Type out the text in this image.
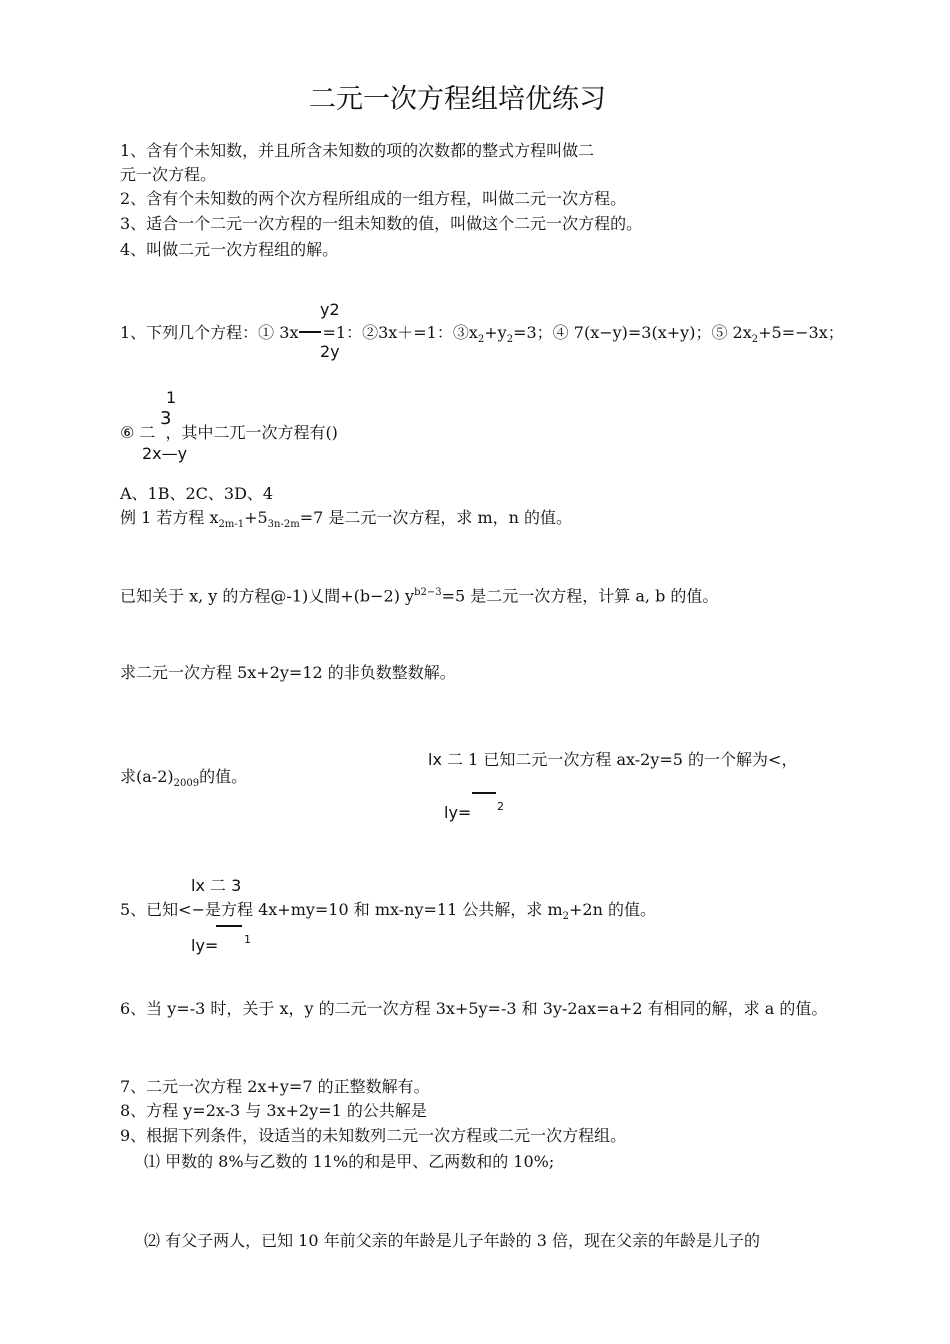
二元一次方程组培优练习
1、含有个未知数，并且所含未知数的项的次数都的整式方程叫做二
元一次方程。
2、含有个未知数的两个次方程所组成的一组方程，叫做二元一次方程。
3、适合一个二元一次方程的一组未知数的值，叫做这个二元一次方程的。
4、叫做二元一次方程组的解。
y2
1、下列几个方程：① 3x =1：②3x＋=1：$③x_2+y_2=3$；④ 7(x−y)=3(x+y)；⑤ $2x_2+5=-3x$；
2y
1
3
⑥ 二 ，其中二兀一次方程有()
2x—y
A、1B、2C、3D、4
例 1 若方程 $x_{2m-1}+5_{3n-2m}=7$ 是二元一次方程，求 m，n 的值。
已知关于 x, y 的方程@-1)乂間+(b−2) $y^{b2-3}=5$ 是二元一次方程，计算 a, b 的值。
求二元一次方程 5x+2y=12 的非负数整数解。
lx 二 1 已知二元一次方程 ax-2y=5 的一个解为<，
求$(a-2)_{2009}$的值。
ly= 2
lx 二 3
5、已知<−是方程 4x+my=10 和 mx-ny=11 公共解，求 $m_2+2n$ 的值。
ly= 1
6、当 y=-3 时，关于 x，y 的二元一次方程 3x+5y=-3 和 3y-2ax=a+2 有相同的解，求 a 的值。
7、二元一次方程 2x+y=7 的正整数解有。
8、方程 y=2x-3 与 3x+2y=1 的公共解是
9、根据下列条件，设适当的未知数列二元一次方程或二元一次方程组。
⑴ 甲数的 8%与乙数的 11%的和是甲、乙两数和的 10%;
⑵ 有父子两人，已知 10 年前父亲的年龄是儿子年龄的 3 倍，现在父亲的年龄是儿子的
